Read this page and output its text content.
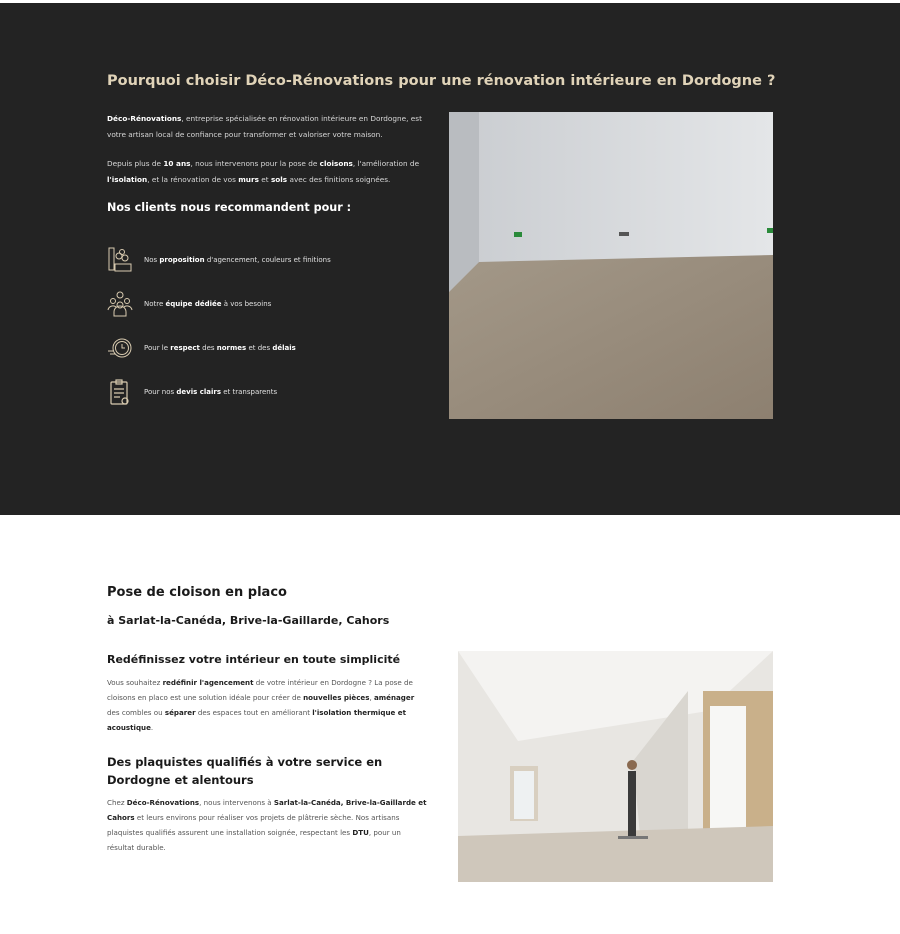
Pourquoi choisir Déco-Rénovations pour une rénovation intérieure en Dordogne ?

Déco-Rénovations, entreprise spécialisée en rénovation intérieure en Dordogne, est votre artisan local de confiance pour transformer et valoriser votre maison.

Depuis plus de 10 ans, nous intervenons pour la pose de cloisons, l'amélioration de l'isolation, et la rénovation de vos murs et sols avec des finitions soignées.

Nos clients nous recommandent pour :
Nos proposition d'agencement, couleurs et finitions
Notre équipe dédiée à vos besoins
Pour le respect des normes et des délais
Pour nos devis clairs et transparents
Pose de cloison en placo
à Sarlat-la-Canéda, Brive-la-Gaillarde, Cahors
Redéfinissez votre intérieur en toute simplicité

Vous souhaitez redéfinir l'agencement de votre intérieur en Dordogne ? La pose de cloisons en placo est une solution idéale pour créer de nouvelles pièces, aménager des combles ou séparer des espaces tout en améliorant l'isolation thermique et acoustique.

Des plaquistes qualifiés à votre service en Dordogne et alentours

Chez Déco-Rénovations, nous intervenons à Sarlat-la-Canéda, Brive-la-Gaillarde et Cahors et leurs environs pour réaliser vos projets de plâtrerie sèche. Nos artisans plaquistes qualifiés assurent une installation soignée, respectant les DTU, pour un résultat durable.
